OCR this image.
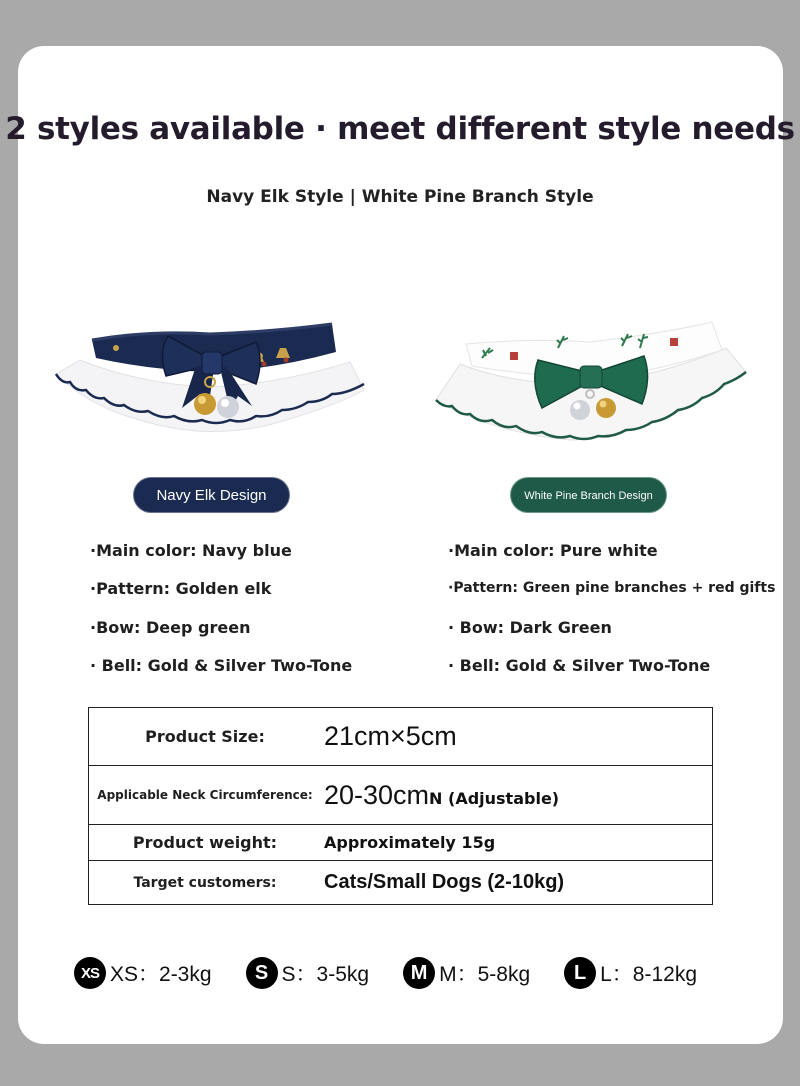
2 styles available · meet different style needs
Navy Elk Style | White Pine Branch Style
Navy Elk Design	White Pine Branch Design
·Main color: Navy blue
·Pattern: Golden elk
·Bow: Deep green
· Bell: Gold & Silver Two-Tone
·Main color: Pure white
·Pattern: Green pine branches + red gifts
· Bow: Dark Green
· Bell: Gold & Silver Two-Tone
Product Size:	21cm×5cm
Applicable Neck Circumference:	20-30cmN (Adjustable)
Product weight:	Approximately 15g
Target customers:	Cats/Small Dogs (2-10kg)
XS XS：2-3kg	S S：3-5kg	M M：5-8kg	L L：8-12kg
